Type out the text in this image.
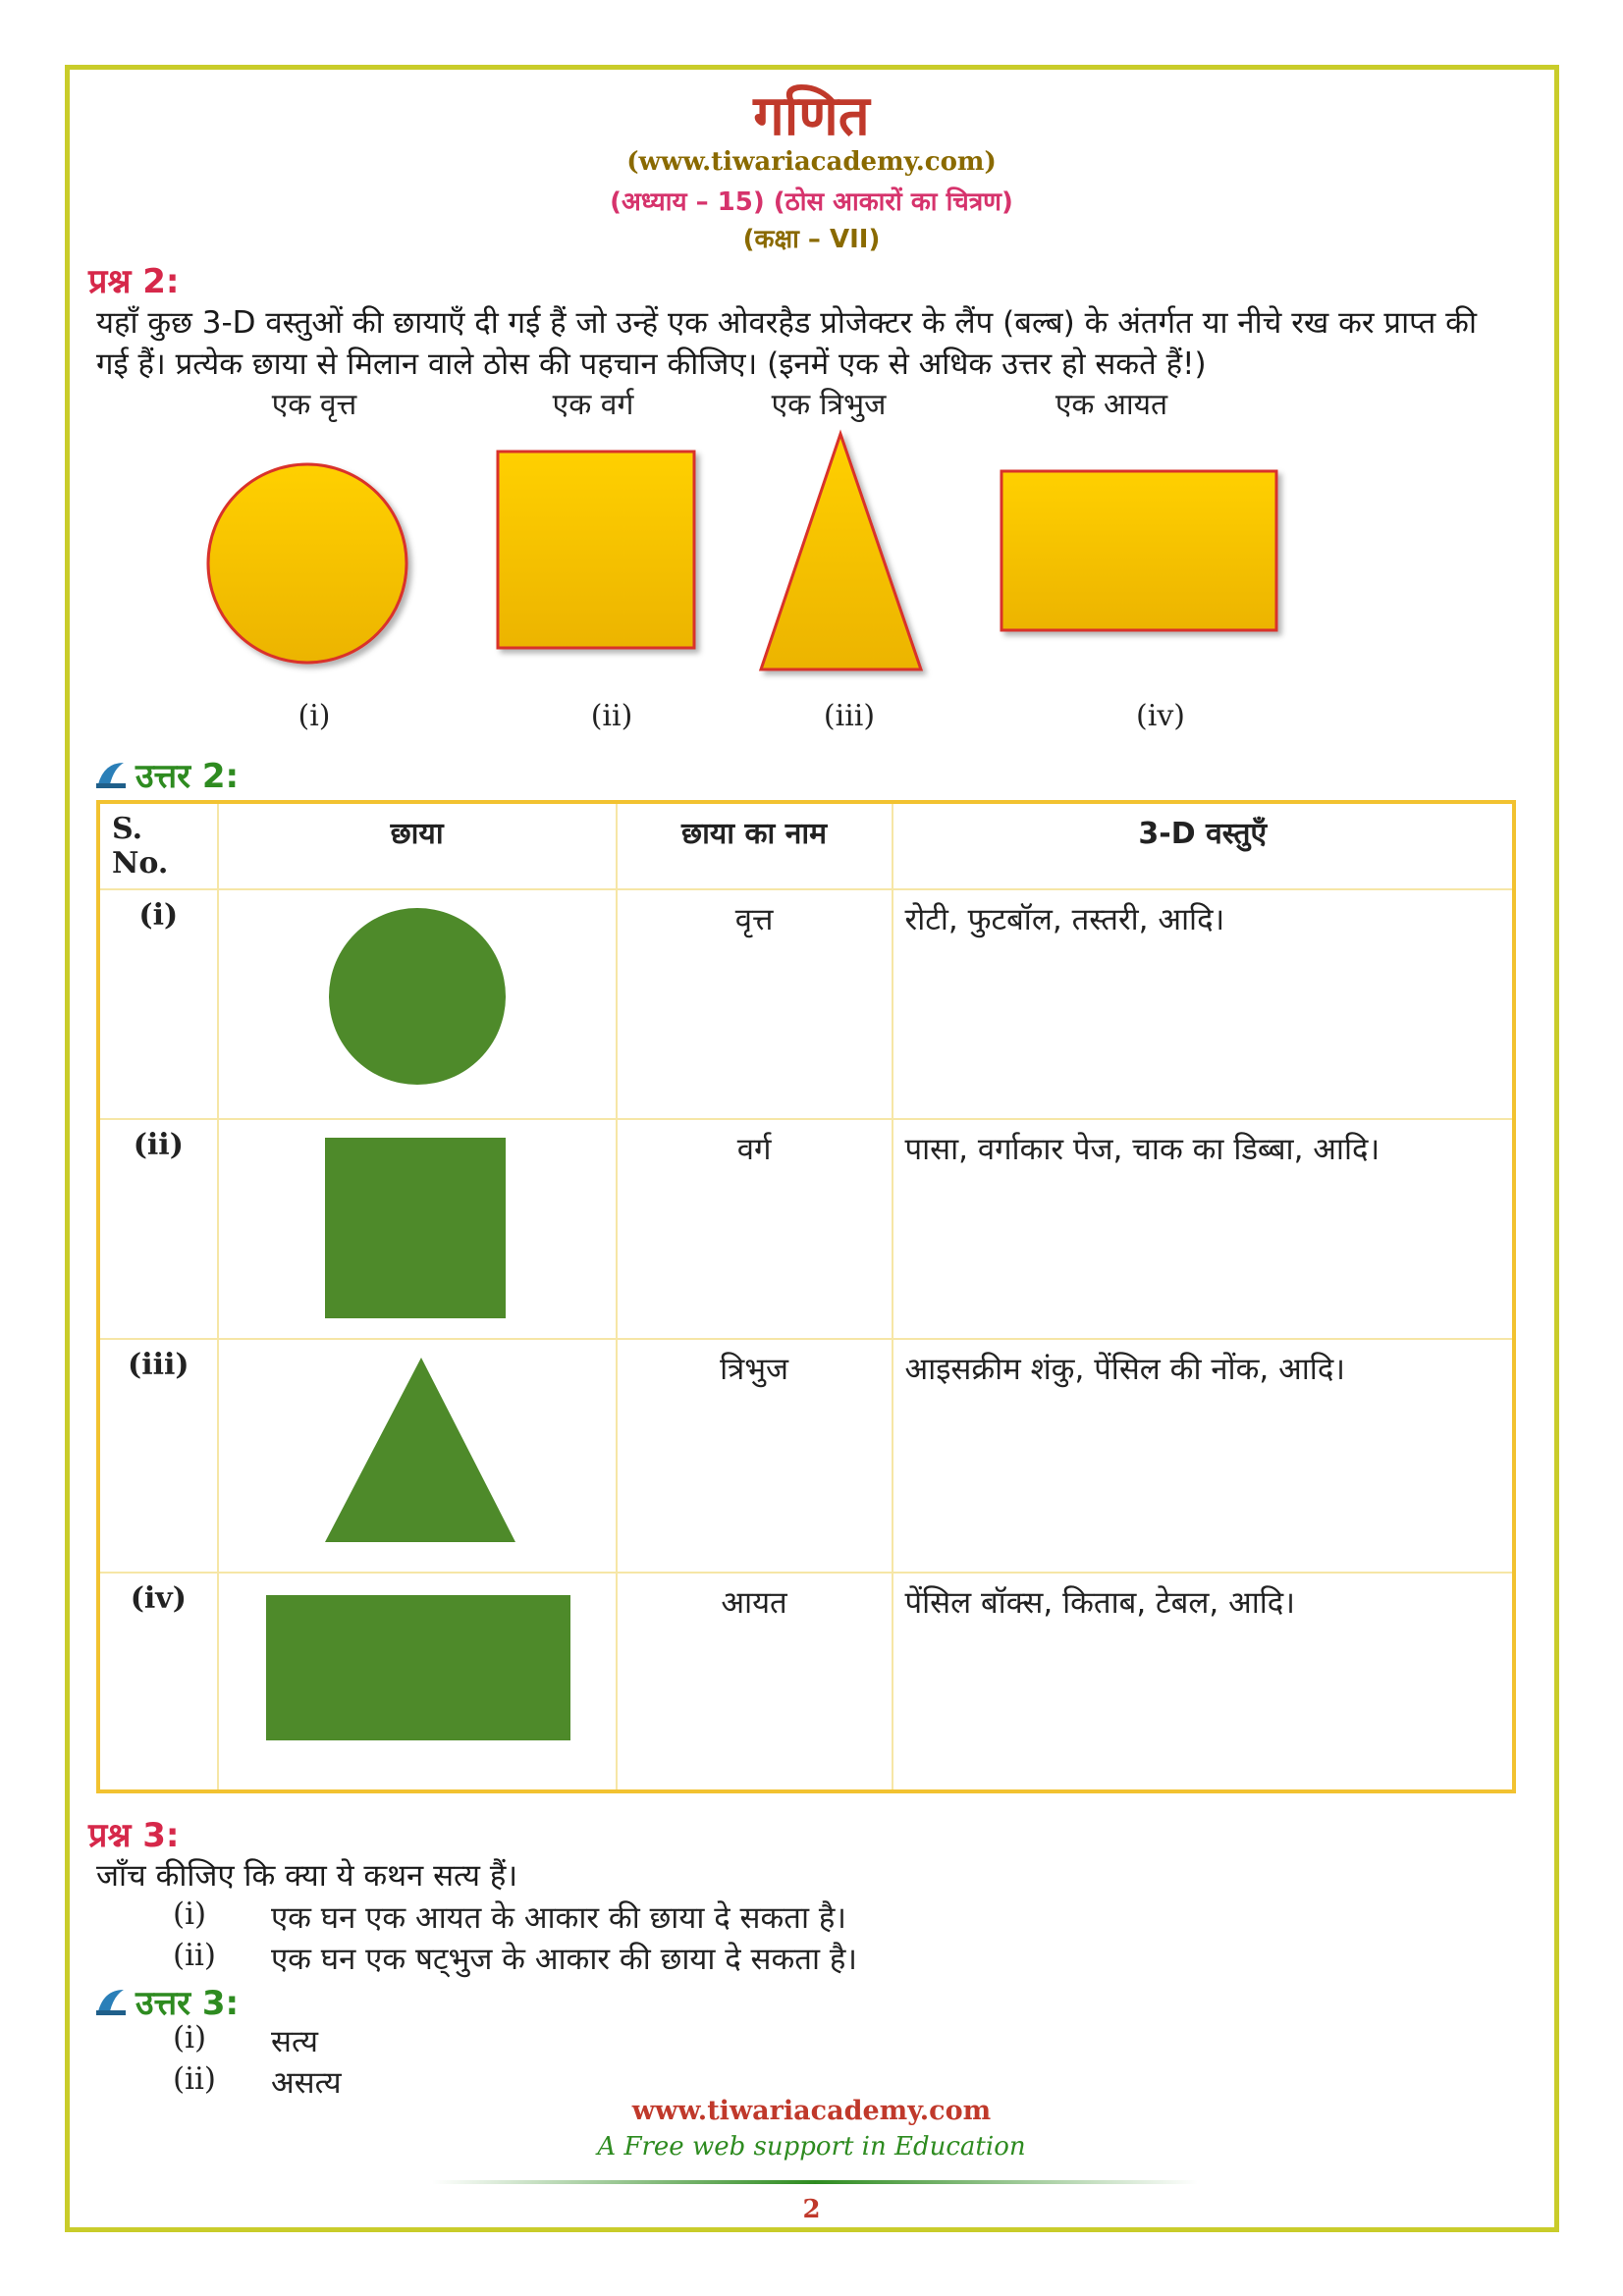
गणित
(www.tiwariacademy.com)
(अध्याय – 15) (ठोस आकारों का चित्रण)
(कक्षा – VII)
प्रश्न 2:
यहाँ कुछ 3-D वस्तुओं की छायाएँ दी गई हैं जो उन्हें एक ओवरहैड प्रोजेक्टर के लैंप (बल्ब) के अंतर्गत या नीचे रख कर प्राप्त की
गई हैं। प्रत्येक छाया से मिलान वाले ठोस की पहचान कीजिए। (इनमें एक से अधिक उत्तर हो सकते हैं!)
एक वृत्त	एक वर्ग	एक त्रिभुज	एक आयत
(i)	(ii)	(iii)	(iv)
उत्तर 2:
S. No.	छाया	छाया का नाम	3-D वस्तुएँ
(i)		वृत्त	रोटी, फुटबॉल, तस्तरी, आदि।
(ii)		वर्ग	पासा, वर्गाकार पेज, चाक का डिब्बा, आदि।
(iii)		त्रिभुज	आइसक्रीम शंकु, पेंसिल की नोंक, आदि।
(iv)		आयत	पेंसिल बॉक्स, किताब, टेबल, आदि।
प्रश्न 3:
जाँच कीजिए कि क्या ये कथन सत्य हैं।
(i)	एक घन एक आयत के आकार की छाया दे सकता है।
(ii)	एक घन एक षट्भुज के आकार की छाया दे सकता है।
उत्तर 3:
(i)	सत्य
(ii)	असत्य
www.tiwariacademy.com
A Free web support in Education
2
